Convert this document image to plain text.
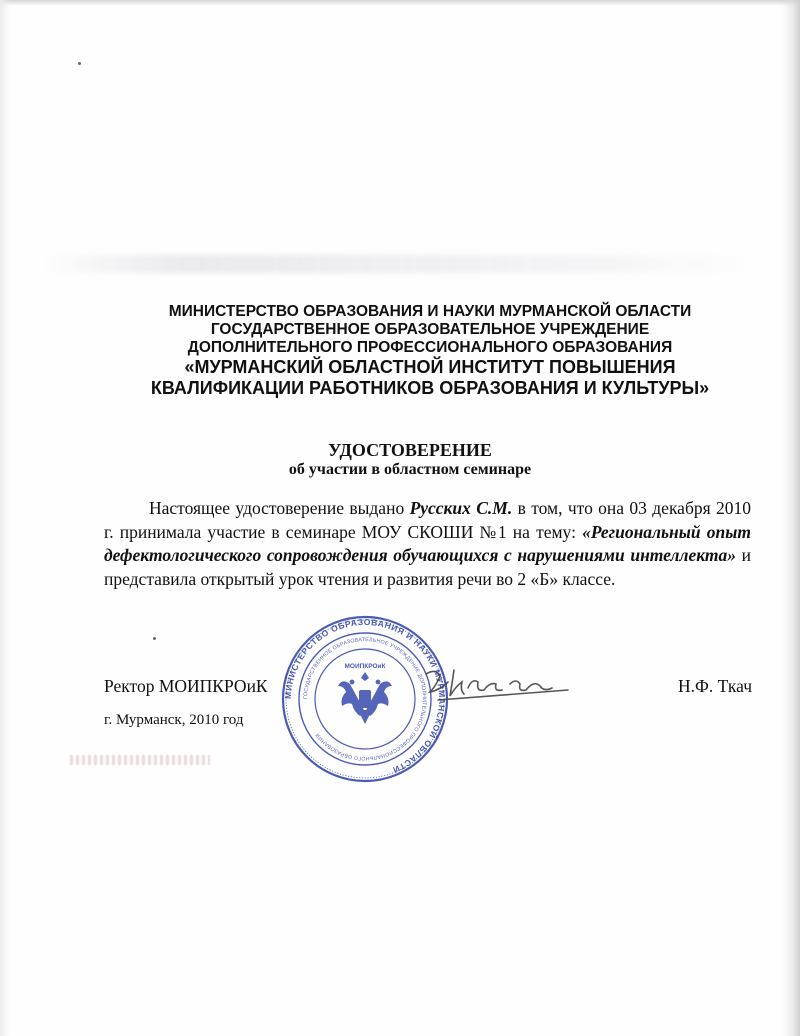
МИНИСТЕРСТВО ОБРАЗОВАНИЯ И НАУКИ МУРМАНСКОЙ ОБЛАСТИ
ГОСУДАРСТВЕННОЕ ОБРАЗОВАТЕЛЬНОЕ УЧРЕЖДЕНИЕ
ДОПОЛНИТЕЛЬНОГО ПРОФЕССИОНАЛЬНОГО ОБРАЗОВАНИЯ
«МУРМАНСКИЙ ОБЛАСТНОЙ ИНСТИТУТ ПОВЫШЕНИЯ
КВАЛИФИКАЦИИ РАБОТНИКОВ ОБРАЗОВАНИЯ И КУЛЬТУРЫ»
УДОСТОВЕРЕНИЕ
об участии в областном семинаре
Настоящее удостоверение выдано Русских С.М. в том, что она 03 декабря 2010 г. принимала участие в семинаре МОУ СКОШИ №1 на тему: «Региональный опыт дефектологического сопровождения обучающихся с нарушениями интеллекта» и представила открытый урок чтения и развития речи во 2 «Б» классе.
Ректор МОИПКРОиК	Н.Ф. Ткач
г. Мурманск, 2010 год
МИНИСТЕРСТВО ОБРАЗОВАНИЯ И НАУКИ МУРМАНСКОЙ ОБЛАСТИ
ГОСУДАРСТВЕННОЕ ОБРАЗОВАТЕЛЬНОЕ УЧРЕЖДЕНИЕ ДОПОЛНИТЕЛЬНОГО ПРОФЕССИОНАЛЬНОГО ОБРАЗОВАНИЯ
МОИПКРОиК
